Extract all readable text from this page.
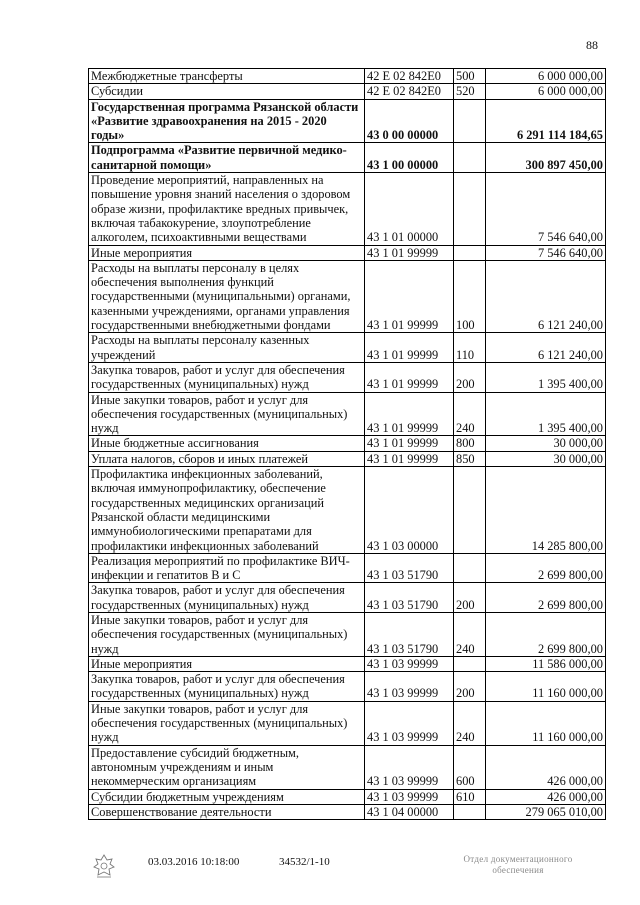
88
Межбюджетные трансферты	42 Е 02 842Е0	500	6 000 000,00
Субсидии	42 Е 02 842Е0	520	6 000 000,00
Государственная программа Рязанской области «Развитие здравоохранения на 2015 - 2020 годы»	43 0 00 00000		6 291 114 184,65
Подпрограмма «Развитие первичной медико-санитарной помощи»	43 1 00 00000		300 897 450,00
Проведение мероприятий, направленных на повышение уровня знаний населения о здоровом образе жизни, профилактике вредных привычек, включая табакокурение, злоупотребление алкоголем, психоактивными веществами	43 1 01 00000		7 546 640,00
Иные мероприятия	43 1 01 99999		7 546 640,00
Расходы на выплаты персоналу в целях обеспечения выполнения функций государственными (муниципальными) органами, казенными учреждениями, органами управления государственными внебюджетными фондами	43 1 01 99999	100	6 121 240,00
Расходы на выплаты персоналу казенных учреждений	43 1 01 99999	110	6 121 240,00
Закупка товаров, работ и услуг для обеспечения государственных (муниципальных) нужд	43 1 01 99999	200	1 395 400,00
Иные закупки товаров, работ и услуг для обеспечения государственных (муниципальных) нужд	43 1 01 99999	240	1 395 400,00
Иные бюджетные ассигнования	43 1 01 99999	800	30 000,00
Уплата налогов, сборов и иных платежей	43 1 01 99999	850	30 000,00
Профилактика инфекционных заболеваний, включая иммунопрофилактику, обеспечение государственных медицинских организаций Рязанской области медицинскими иммунобиологическими препаратами для профилактики инфекционных заболеваний	43 1 03 00000		14 285 800,00
Реализация мероприятий по профилактике ВИЧ-инфекции и гепатитов В и С	43 1 03 51790		2 699 800,00
Закупка товаров, работ и услуг для обеспечения государственных (муниципальных) нужд	43 1 03 51790	200	2 699 800,00
Иные закупки товаров, работ и услуг для обеспечения государственных (муниципальных) нужд	43 1 03 51790	240	2 699 800,00
Иные мероприятия	43 1 03 99999		11 586 000,00
Закупка товаров, работ и услуг для обеспечения государственных (муниципальных) нужд	43 1 03 99999	200	11 160 000,00
Иные закупки товаров, работ и услуг для обеспечения государственных (муниципальных) нужд	43 1 03 99999	240	11 160 000,00
Предоставление субсидий бюджетным, автономным учреждениям и иным некоммерческим организациям	43 1 03 99999	600	426 000,00
Субсидии бюджетным учреждениям	43 1 03 99999	610	426 000,00
Совершенствование деятельности	43 1 04 00000		279 065 010,00
03.03.2016 10:18:00	34532/1-10	Отдел документационного обеспечения
